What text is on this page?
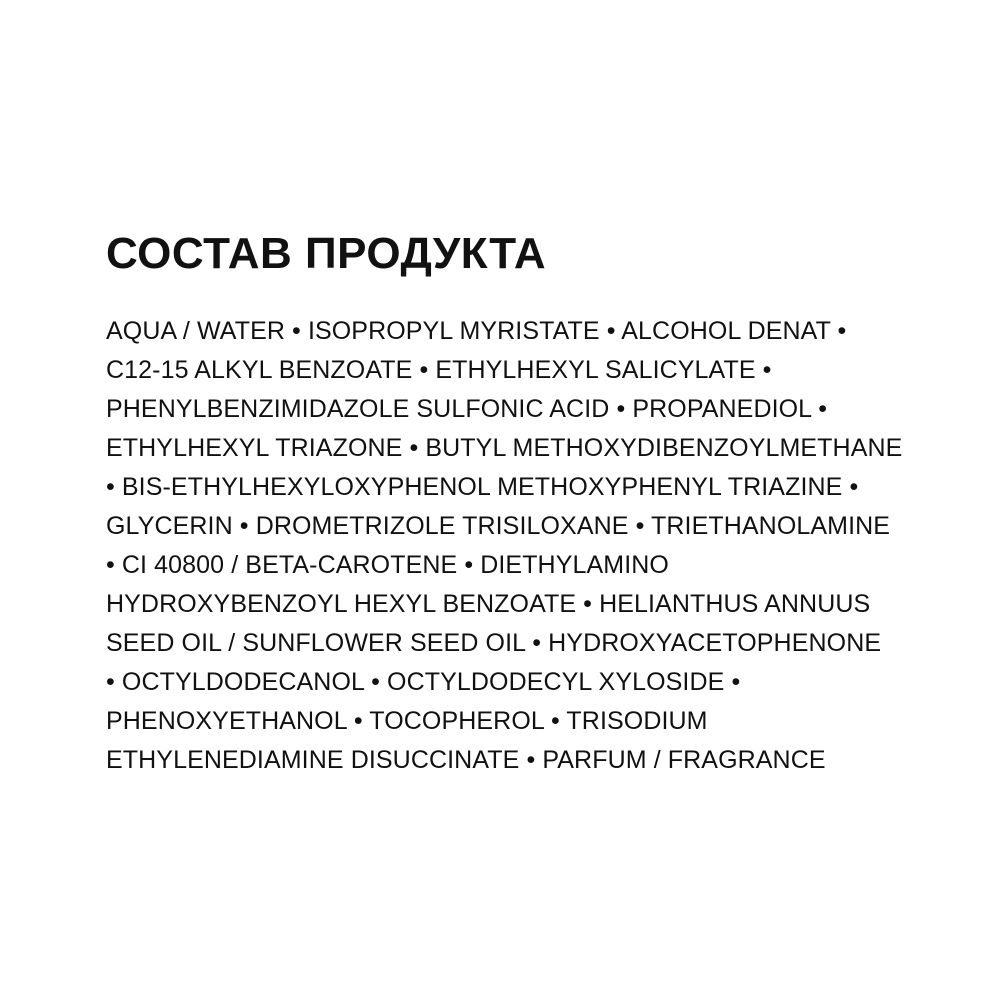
СОСТАВ ПРОДУКТА
AQUA / WATER • ISOPROPYL MYRISTATE • ALCOHOL DENAT •
C12-15 ALKYL BENZOATE • ETHYLHEXYL SALICYLATE •
PHENYLBENZIMIDAZOLE SULFONIC ACID • PROPANEDIOL •
ETHYLHEXYL TRIAZONE • BUTYL METHOXYDIBENZOYLMETHANE
• BIS-ETHYLHEXYLOXYPHENOL METHOXYPHENYL TRIAZINE •
GLYCERIN • DROMETRIZOLE TRISILOXANE • TRIETHANOLAMINE
• CI 40800 / BETA-CAROTENE • DIETHYLAMINO
HYDROXYBENZOYL HEXYL BENZOATE • HELIANTHUS ANNUUS
SEED OIL / SUNFLOWER SEED OIL • HYDROXYACETOPHENONE
• OCTYLDODECANOL • OCTYLDODECYL XYLOSIDE •
PHENOXYETHANOL • TOCOPHEROL • TRISODIUM
ETHYLENEDIAMINE DISUCCINATE • PARFUM / FRAGRANCE
